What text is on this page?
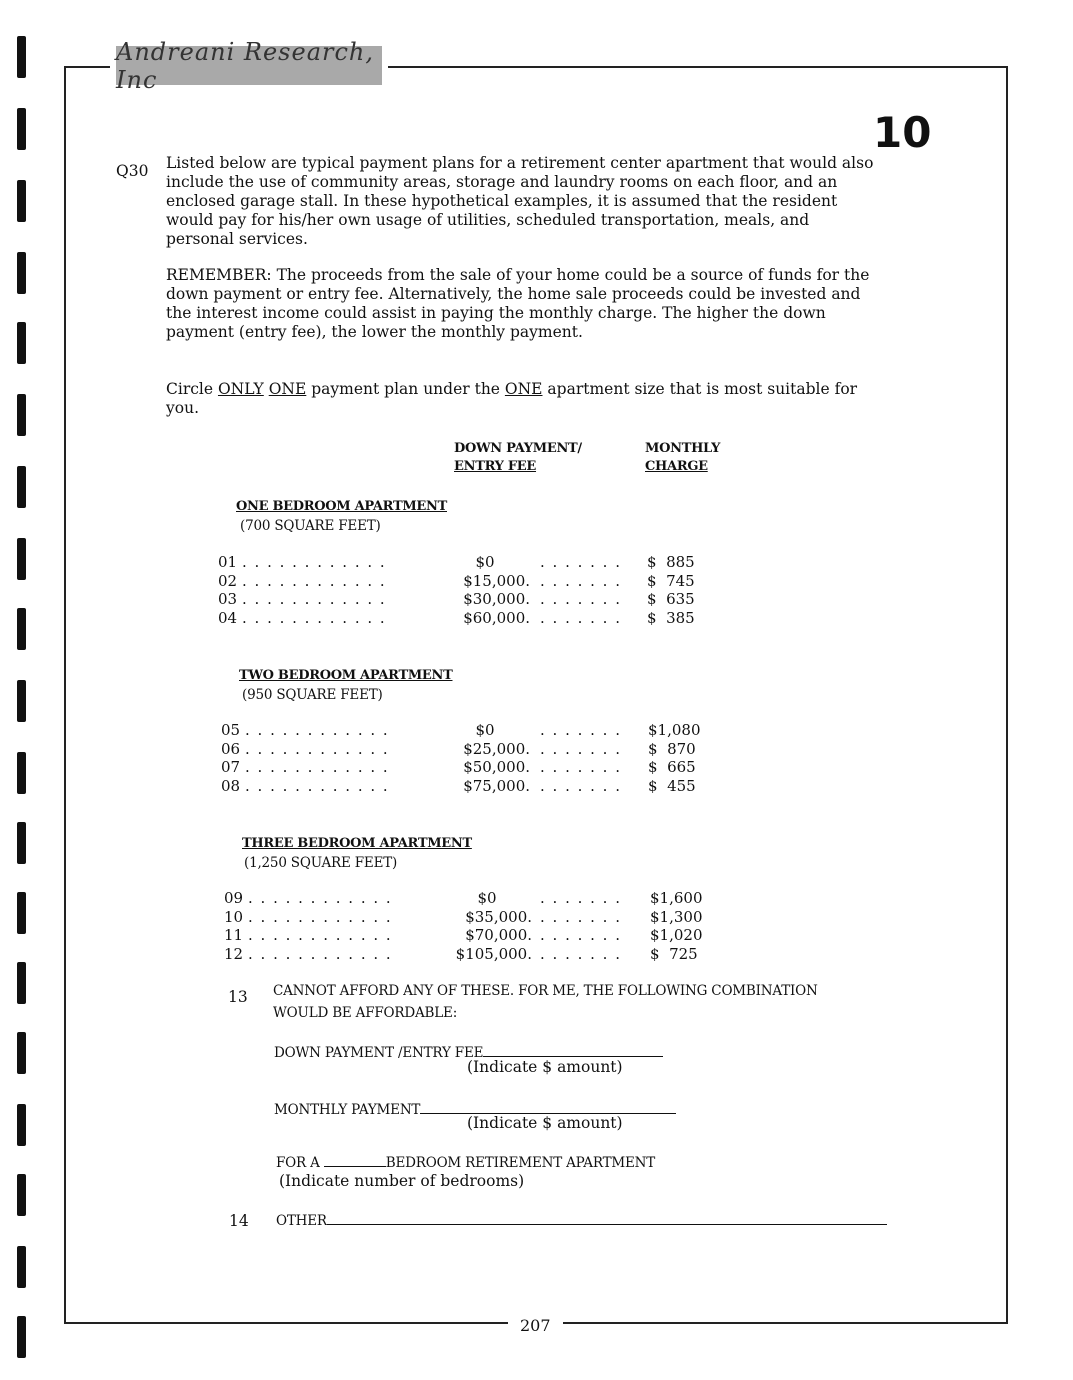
Andreani Research, Inc
10
Q30 Listed below are typical payment plans for a retirement center apartment that would also include the use of community areas, storage and laundry rooms on each floor, and an enclosed garage stall. In these hypothetical examples, it is assumed that the resident would pay for his/her own usage of utilities, scheduled transportation, meals, and personal services.
REMEMBER: The proceeds from the sale of your home could be a source of funds for the down payment or entry fee. Alternatively, the home sale proceeds could be invested and the interest income could assist in paying the monthly charge. The higher the down payment (entry fee), the lower the monthly payment.
Circle ONLY ONE payment plan under the ONE apartment size that is most suitable for you.
DOWN PAYMENT/
ENTRY FEE
MONTHLY
CHARGE
ONE BEDROOM APARTMENT
(700 SQUARE FEET)
01 . . . . . . . . . . . .	$0	. . . . . . . $  885
02 . . . . . . . . . . . .	$15,000. . . . . . . . $  745
03 . . . . . . . . . . . .	$30,000. . . . . . . . $  635
04 . . . . . . . . . . . .	$60,000. . . . . . . . $  385
TWO BEDROOM APARTMENT
(950 SQUARE FEET)
05 . . . . . . . . . . . .	$0	. . . . . . . $1,080
06 . . . . . . . . . . . .	$25,000. . . . . . . . $  870
07 . . . . . . . . . . . .	$50,000. . . . . . . . $  665
08 . . . . . . . . . . . .	$75,000. . . . . . . . $  455
THREE BEDROOM APARTMENT
(1,250 SQUARE FEET)
09 . . . . . . . . . . . .	$0	. . . . . . . $1,600
10 . . . . . . . . . . . .	$35,000. . . . . . . . $1,300
11 . . . . . . . . . . . .	$70,000. . . . . . . . $1,020
12 . . . . . . . . . . . .	$105,000. . . . . . . . $  725
13 CANNOT AFFORD ANY OF THESE. FOR ME, THE FOLLOWING COMBINATION
WOULD BE AFFORDABLE:
DOWN PAYMENT /ENTRY FEE
(Indicate $ amount)
MONTHLY PAYMENT
(Indicate $ amount)
FOR A	BEDROOM RETIREMENT APARTMENT
(Indicate number of bedrooms)
14 OTHER
207
